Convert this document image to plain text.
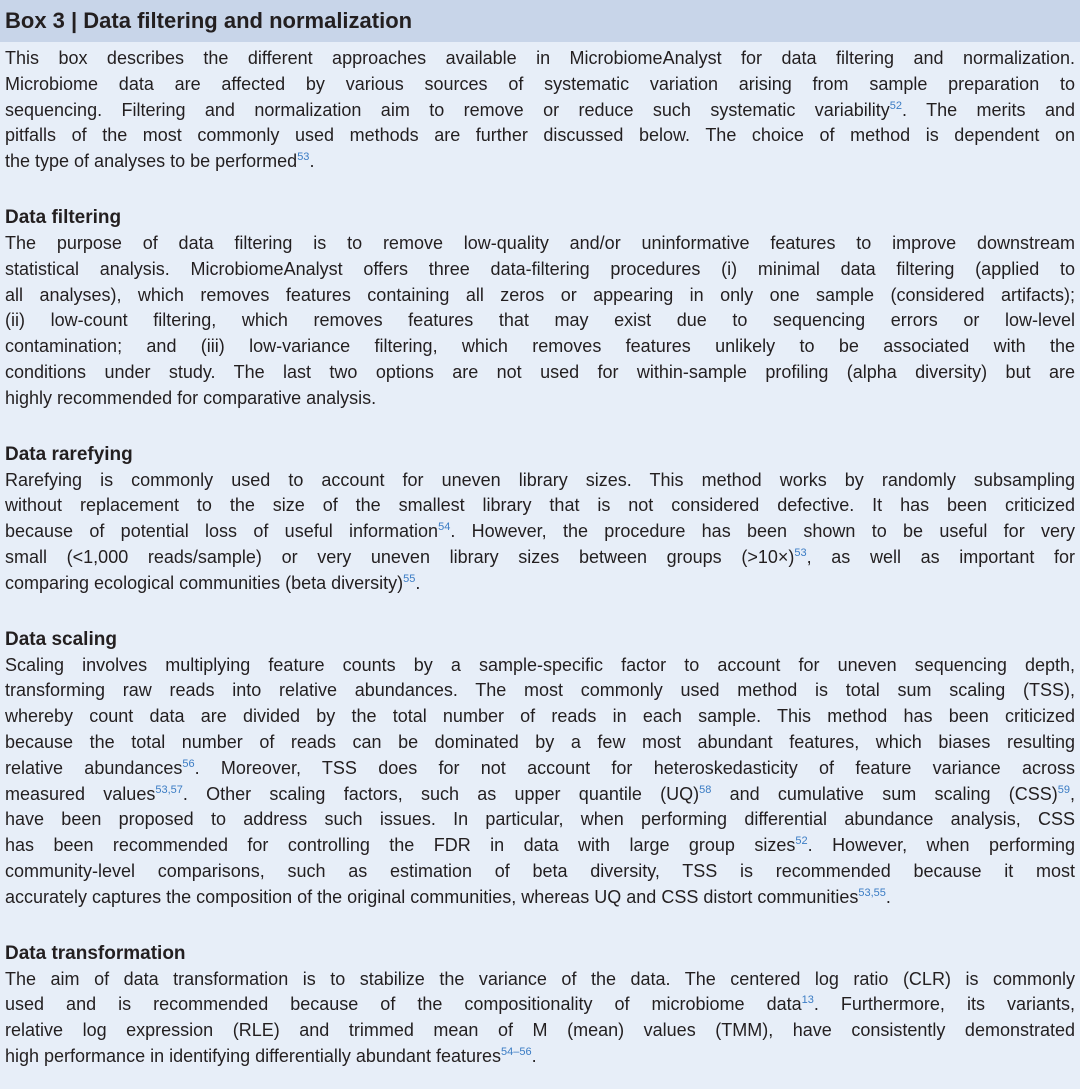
Box 3 | Data filtering and normalization
This box describes the different approaches available in MicrobiomeAnalyst for data filtering and normalization.
Microbiome data are affected by various sources of systematic variation arising from sample preparation to
sequencing. Filtering and normalization aim to remove or reduce such systematic variability$^{52}$. The merits and
pitfalls of the most commonly used methods are further discussed below. The choice of method is dependent on
the type of analyses to be performed$^{53}$.
Data filtering
The purpose of data filtering is to remove low-quality and/or uninformative features to improve downstream
statistical analysis. MicrobiomeAnalyst offers three data-filtering procedures (i) minimal data filtering (applied to
all analyses), which removes features containing all zeros or appearing in only one sample (considered artifacts);
(ii) low-count filtering, which removes features that may exist due to sequencing errors or low-level
contamination; and (iii) low-variance filtering, which removes features unlikely to be associated with the
conditions under study. The last two options are not used for within-sample profiling (alpha diversity) but are
highly recommended for comparative analysis.
Data rarefying
Rarefying is commonly used to account for uneven library sizes. This method works by randomly subsampling
without replacement to the size of the smallest library that is not considered defective. It has been criticized
because of potential loss of useful information$^{54}$. However, the procedure has been shown to be useful for very
small (<1,000 reads/sample) or very uneven library sizes between groups (>10×)$^{53}$, as well as important for
comparing ecological communities (beta diversity)$^{55}$.
Data scaling
Scaling involves multiplying feature counts by a sample-specific factor to account for uneven sequencing depth,
transforming raw reads into relative abundances. The most commonly used method is total sum scaling (TSS),
whereby count data are divided by the total number of reads in each sample. This method has been criticized
because the total number of reads can be dominated by a few most abundant features, which biases resulting
relative abundances$^{56}$. Moreover, TSS does for not account for heteroskedasticity of feature variance across
measured values$^{53,57}$. Other scaling factors, such as upper quantile (UQ)$^{58}$ and cumulative sum scaling (CSS)$^{59}$,
have been proposed to address such issues. In particular, when performing differential abundance analysis, CSS
has been recommended for controlling the FDR in data with large group sizes$^{52}$. However, when performing
community-level comparisons, such as estimation of beta diversity, TSS is recommended because it most
accurately captures the composition of the original communities, whereas UQ and CSS distort communities$^{53,55}$.
Data transformation
The aim of data transformation is to stabilize the variance of the data. The centered log ratio (CLR) is commonly
used and is recommended because of the compositionality of microbiome data$^{13}$. Furthermore, its variants,
relative log expression (RLE) and trimmed mean of M (mean) values (TMM), have consistently demonstrated
high performance in identifying differentially abundant features$^{54-56}$.
